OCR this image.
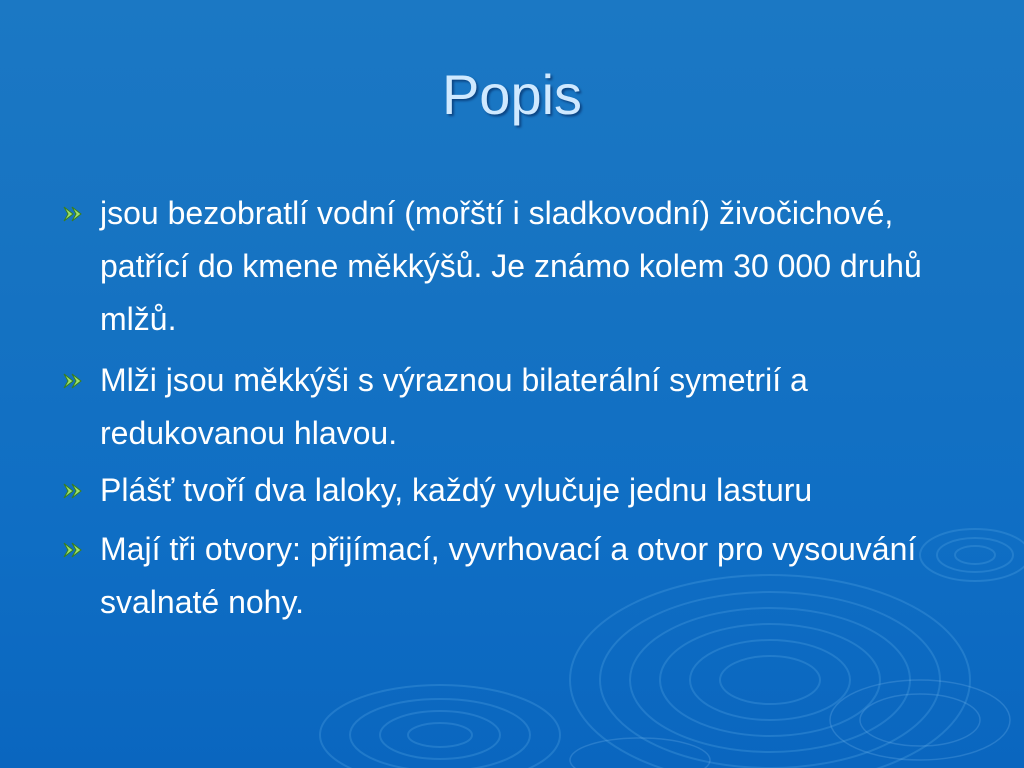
Popis
jsou bezobratlí vodní (mořští i sladkovodní) živočichové, patřící do kmene měkkýšů. Je známo kolem 30 000 druhů mlžů.
Mlži jsou měkkýši s výraznou bilaterální symetrií a redukovanou hlavou.
Plášť tvoří dva laloky, každý vylučuje jednu lasturu
Mají tři otvory: přijímací, vyvrhovací a otvor pro vysouvání svalnaté nohy.
